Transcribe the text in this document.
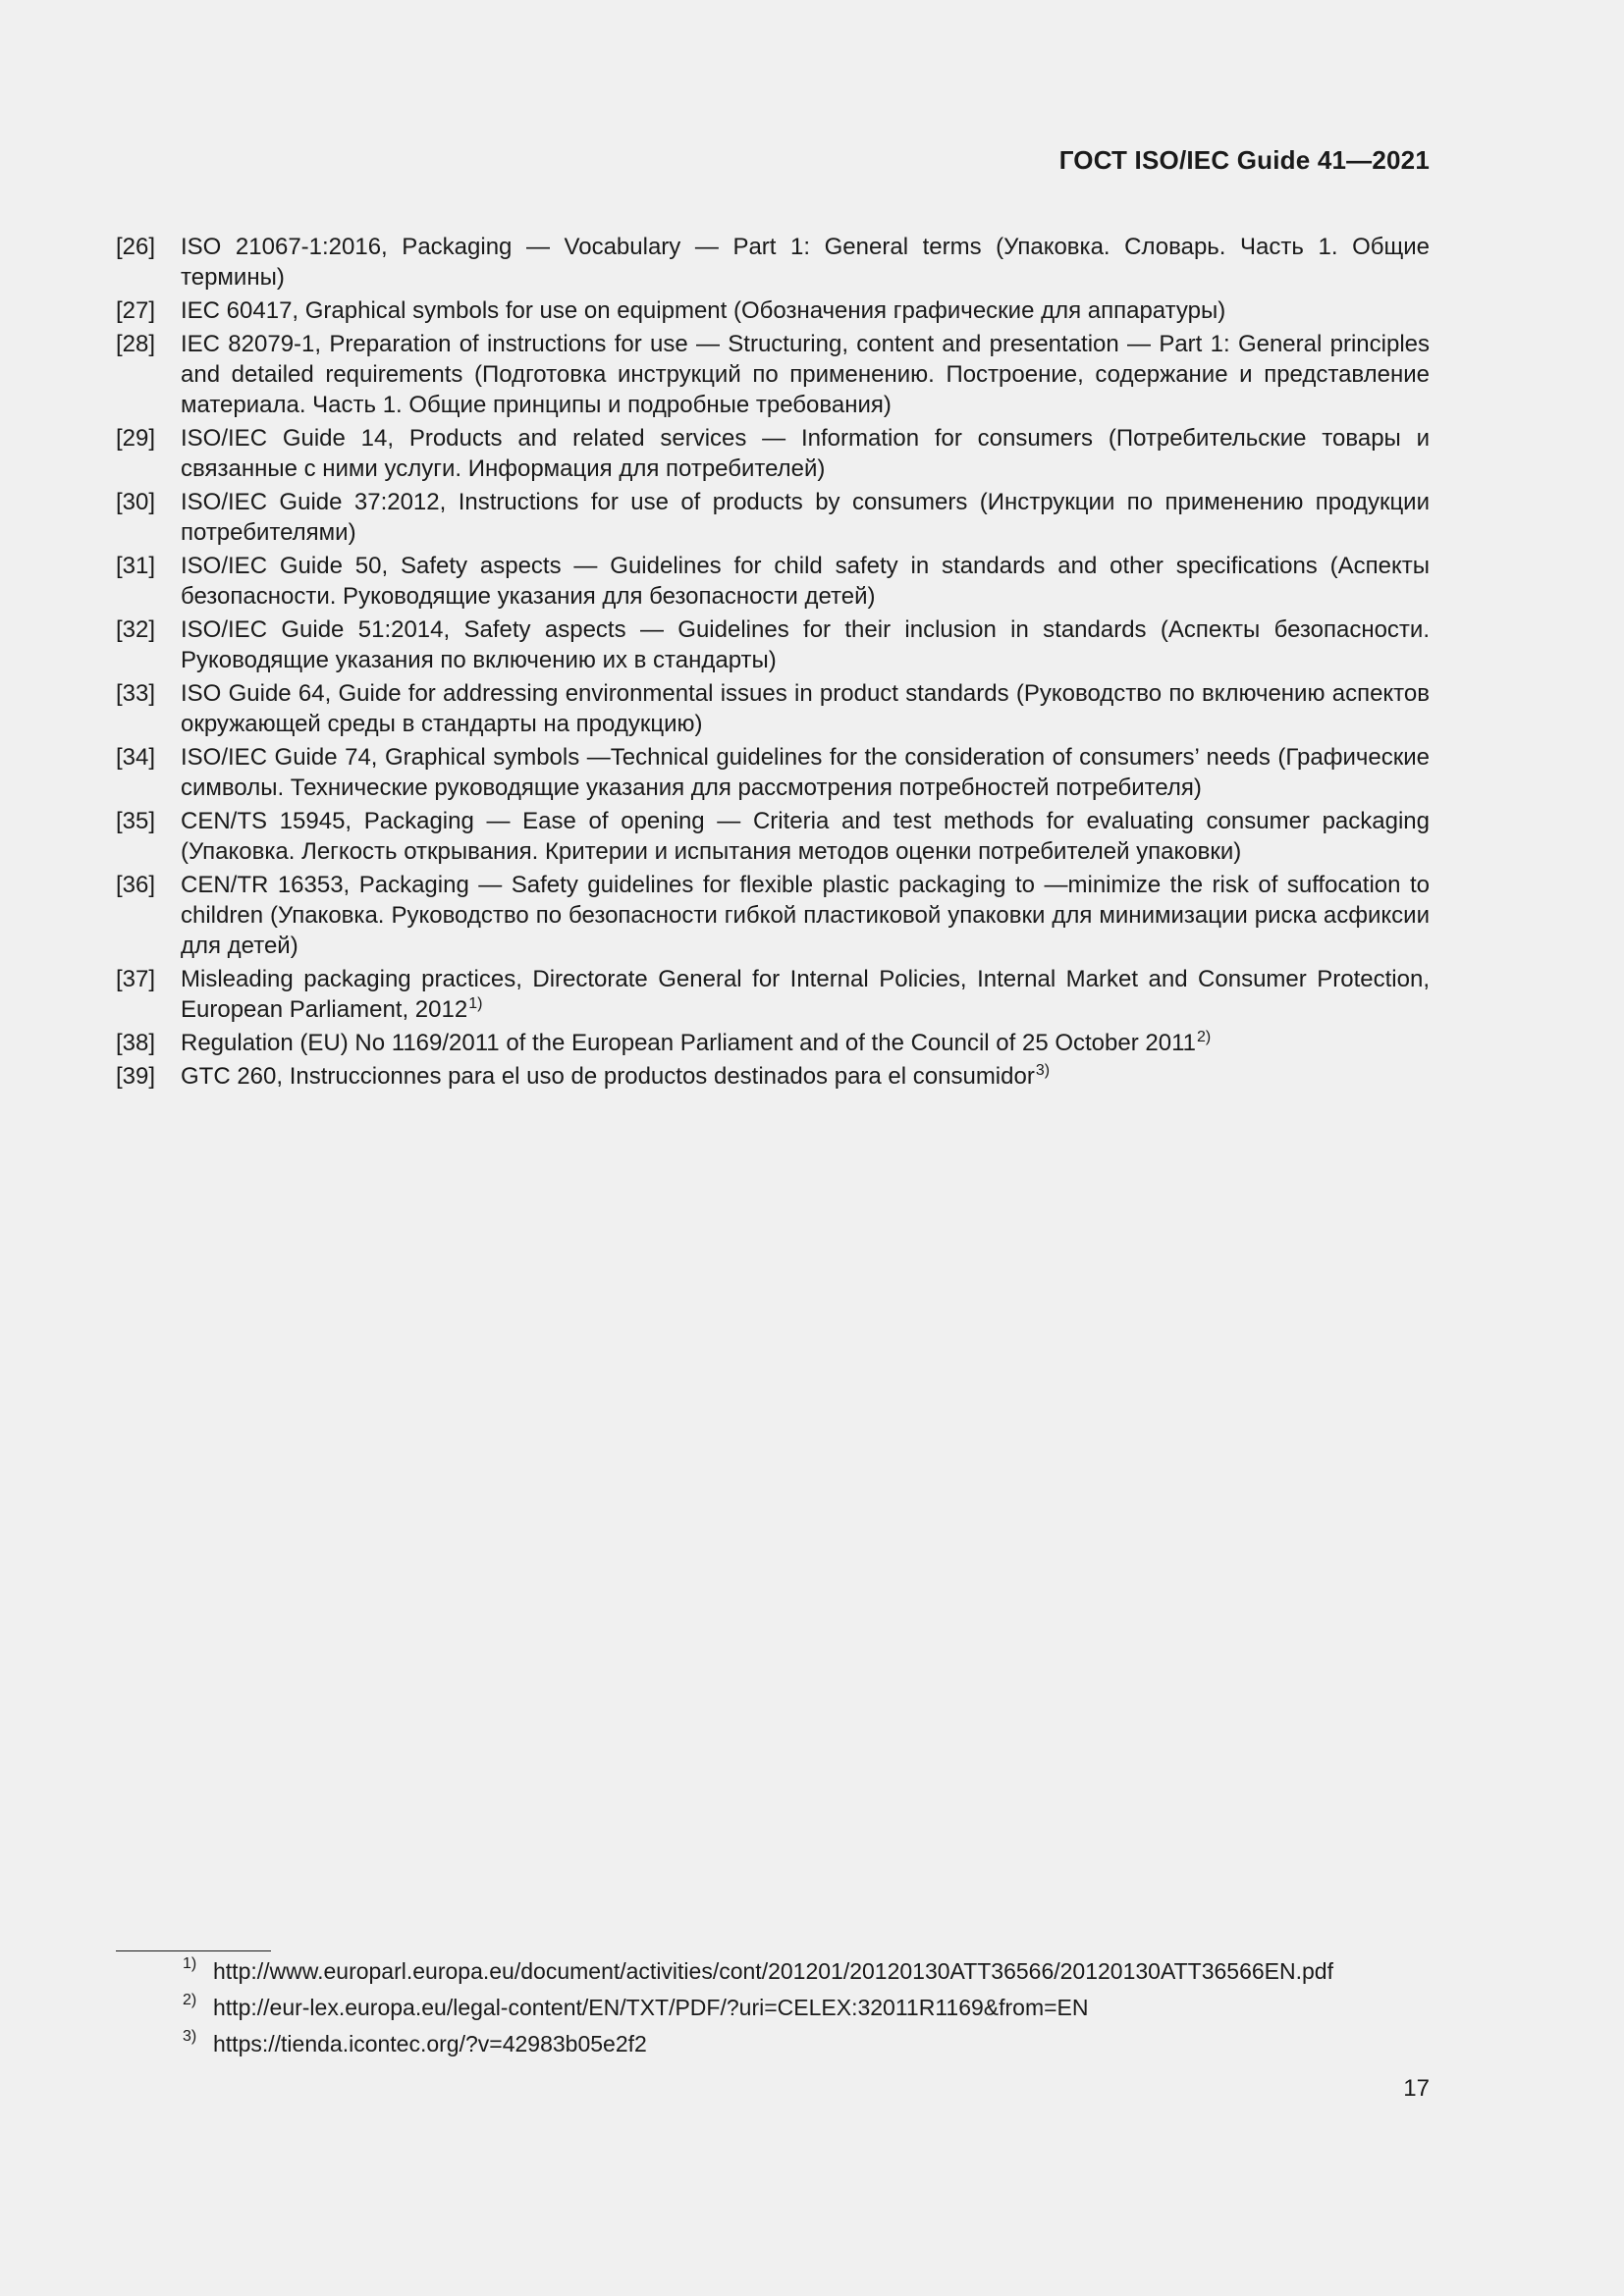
ГОСТ ISO/IEC Guide 41—2021
[26]	ISO 21067-1:2016, Packaging — Vocabulary — Part 1: General terms (Упаковка. Словарь. Часть 1. Общие термины)
[27]	IEC 60417, Graphical symbols for use on equipment (Обозначения графические для аппаратуры)
[28]	IEC 82079-1, Preparation of instructions for use — Structuring, content and presentation — Part 1: General principles and detailed requirements (Подготовка инструкций по применению. Построение, содержание и представление материала. Часть 1. Общие принципы и подробные требования)
[29]	ISO/IEC Guide 14, Products and related services — Information for consumers (Потребительские товары и связанные с ними услуги. Информация для потребителей)
[30]	ISO/IEC Guide 37:2012, Instructions for use of products by consumers (Инструкции по применению продукции потребителями)
[31]	ISO/IEC Guide 50, Safety aspects — Guidelines for child safety in standards and other specifications (Аспекты безопасности. Руководящие указания для безопасности детей)
[32]	ISO/IEC Guide 51:2014, Safety aspects — Guidelines for their inclusion in standards (Аспекты безопасности. Руководящие указания по включению их в стандарты)
[33]	ISO Guide 64, Guide for addressing environmental issues in product standards (Руководство по включению аспектов окружающей среды в стандарты на продукцию)
[34]	ISO/IEC Guide 74, Graphical symbols —Technical guidelines for the consideration of consumers’ needs (Графические символы. Технические руководящие указания для рассмотрения потребностей потребителя)
[35]	CEN/TS 15945, Packaging — Ease of opening — Criteria and test methods for evaluating consumer packaging (Упаковка. Легкость открывания. Критерии и испытания методов оценки потребителей упаковки)
[36]	CEN/TR 16353, Packaging — Safety guidelines for flexible plastic packaging to —minimize the risk of suffocation to children (Упаковка. Руководство по безопасности гибкой пластиковой упаковки для минимизации риска асфиксии для детей)
[37]	Misleading packaging practices, Directorate General for Internal Policies, Internal Market and Consumer Protection, European Parliament, 2012$^{1)}$
[38]	Regulation (EU) No 1169/2011 of the European Parliament and of the Council of 25 October 2011$^{2)}$
[39]	GTC 260, Instruccionnes para el uso de productos destinados para el consumidor$^{3)}$
1) http://www.europarl.europa.eu/document/activities/cont/201201/20120130ATT36566/20120130ATT36566EN.pdf
2) http://eur-lex.europa.eu/legal-content/EN/TXT/PDF/?uri=CELEX:32011R1169&from=EN
3) https://tienda.icontec.org/?v=42983b05e2f2
17
